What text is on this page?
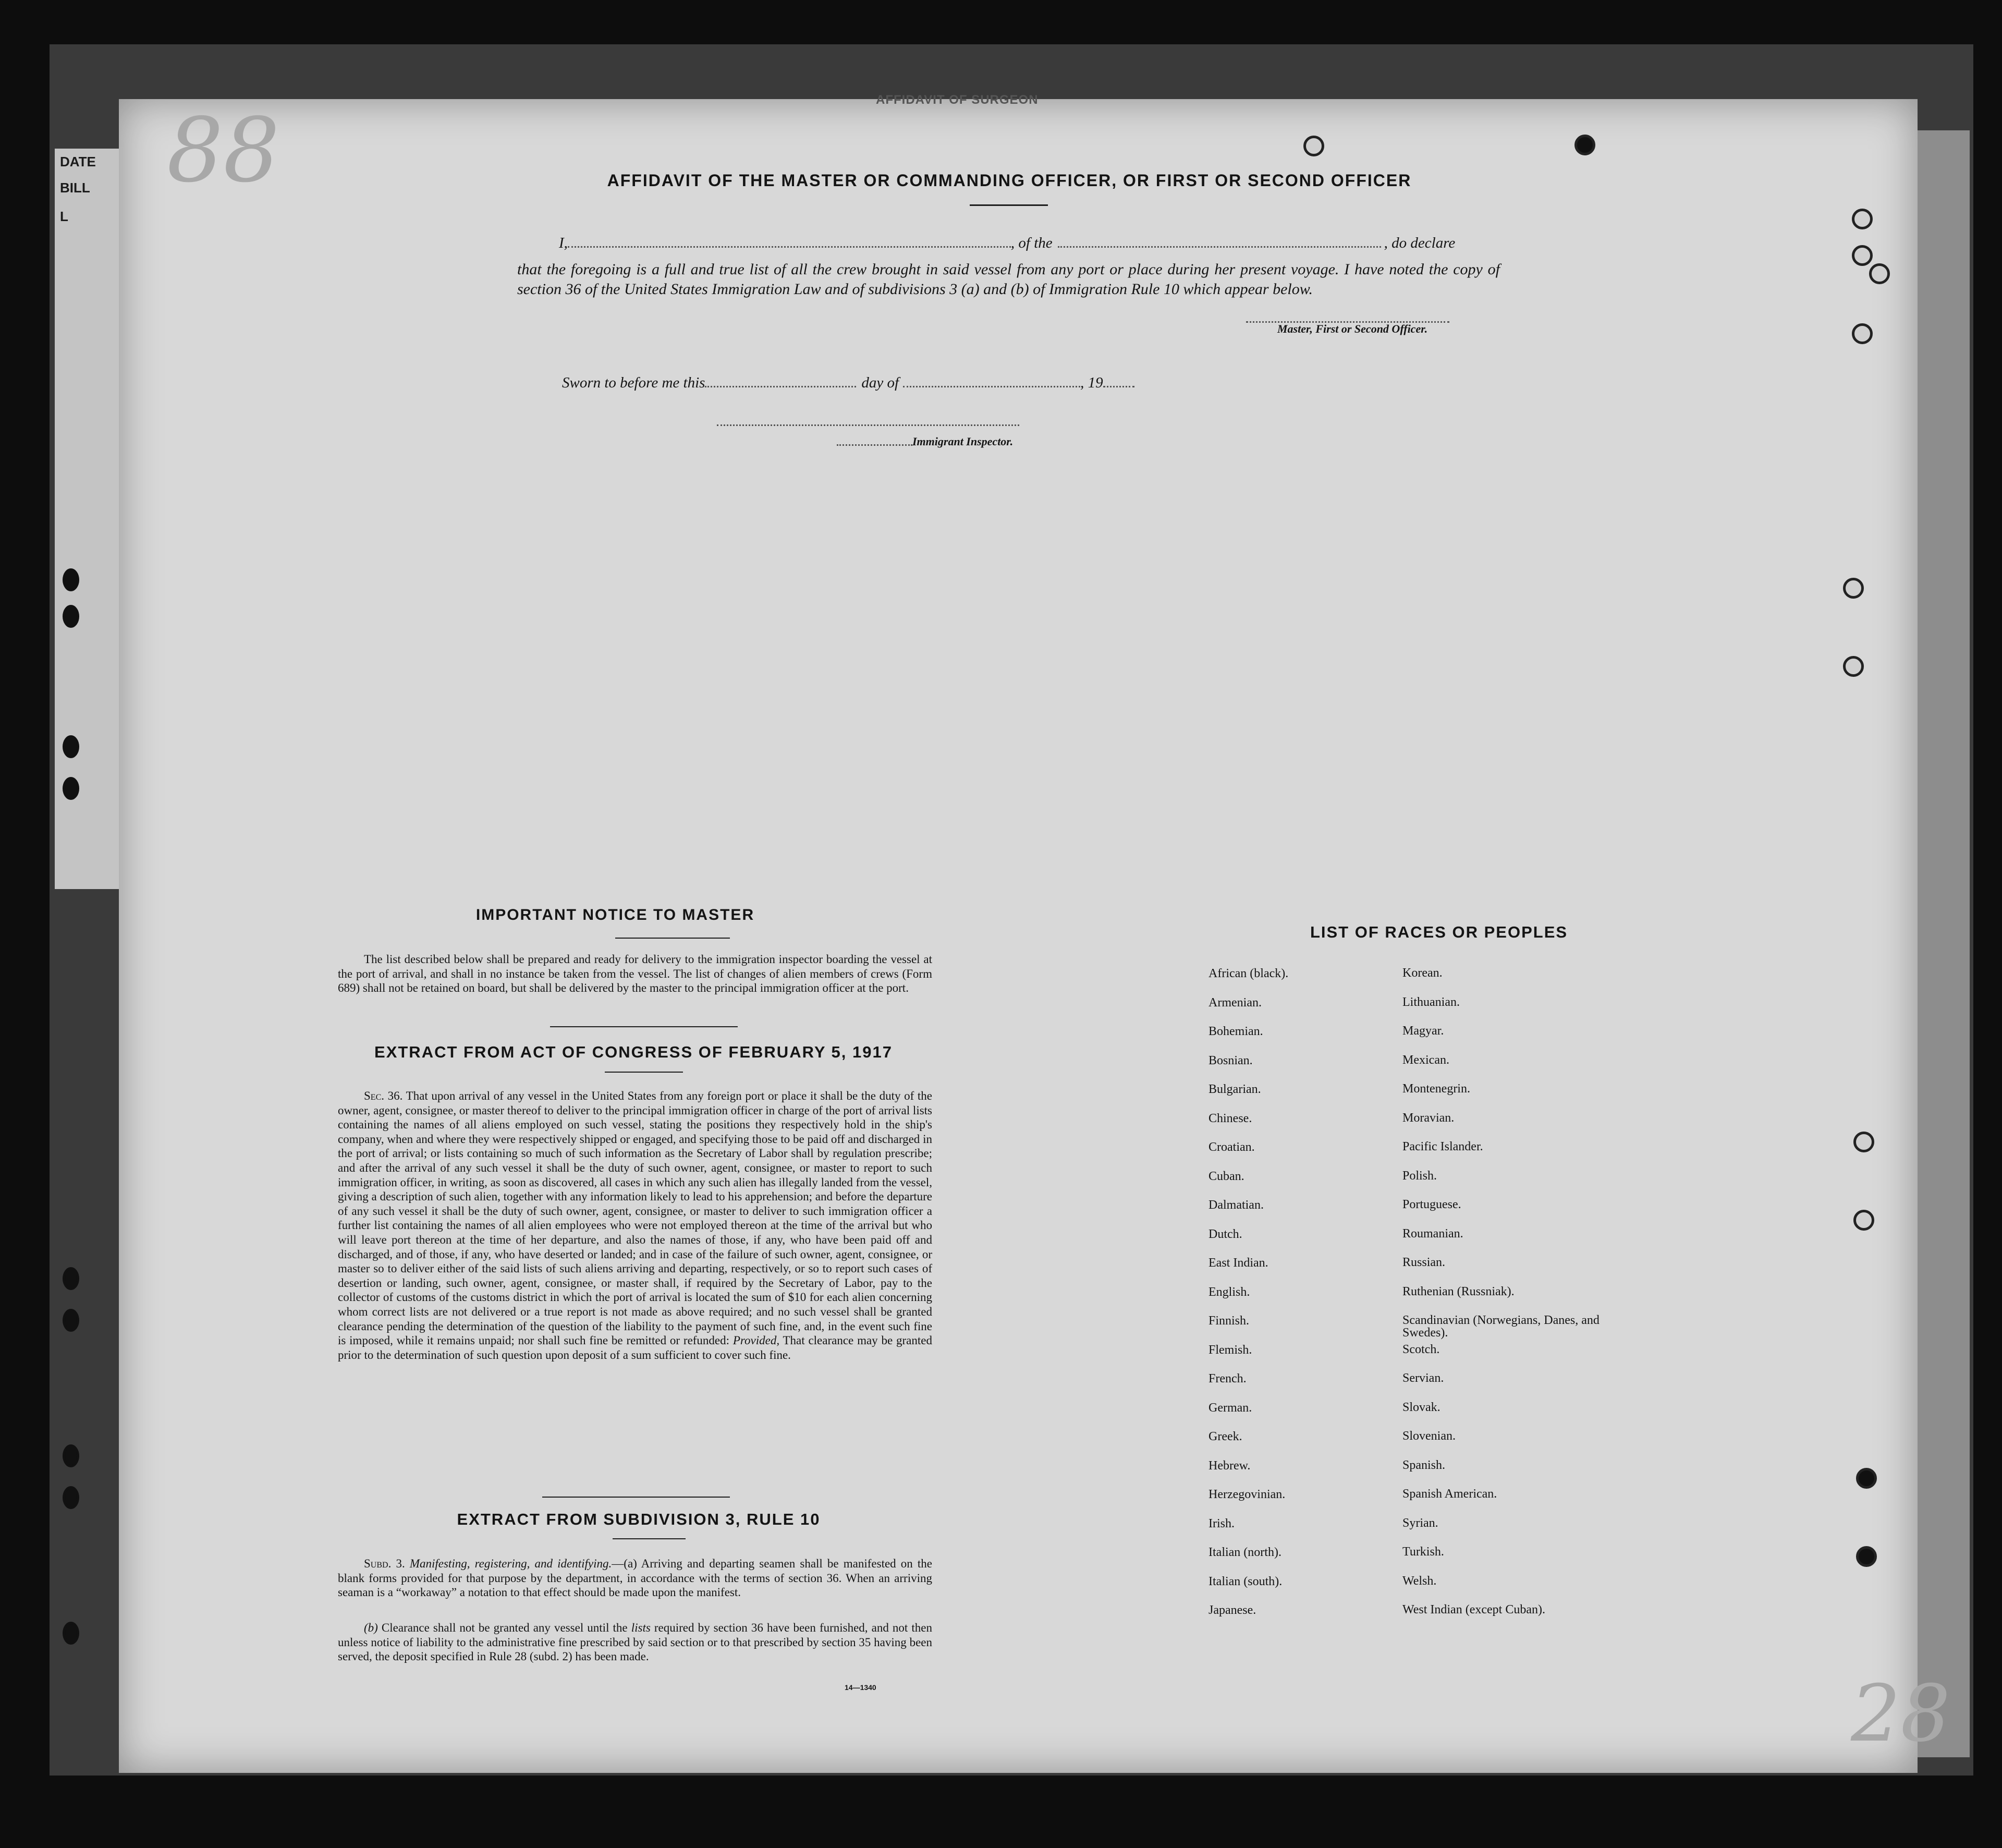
DATE
BILL
L
AFFIDAVIT OF SURGEON
88
28
AFFIDAVIT OF THE MASTER OR COMMANDING OFFICER, OR FIRST OR SECOND OFFICER
I,	, of the	, do declare
that the foregoing is a full and true list of all the crew brought in said vessel from any port or place during her present voyage. I have noted the copy of section 36 of the United States Immigration Law and of subdivisions 3 (a) and (b) of Immigration Rule 10 which appear below.
Master, First or Second Officer.
Sworn to before me this	day of	, 19
Immigrant Inspector.
IMPORTANT NOTICE TO MASTER
The list described below shall be prepared and ready for delivery to the immigration inspector boarding the vessel at the port of arrival, and shall in no instance be taken from the vessel. The list of changes of alien members of crews (Form 689) shall not be retained on board, but shall be delivered by the master to the principal immigration officer at the port.
EXTRACT FROM ACT OF CONGRESS OF FEBRUARY 5, 1917
Sec. 36. That upon arrival of any vessel in the United States from any foreign port or place it shall be the duty of the owner, agent, consignee, or master thereof to deliver to the principal immigration officer in charge of the port of arrival lists containing the names of all aliens employed on such vessel, stating the positions they respectively hold in the ship's company, when and where they were respectively shipped or engaged, and specifying those to be paid off and discharged in the port of arrival; or lists containing so much of such information as the Secretary of Labor shall by regulation prescribe; and after the arrival of any such vessel it shall be the duty of such owner, agent, consignee, or master to report to such immigration officer, in writing, as soon as discovered, all cases in which any such alien has illegally landed from the vessel, giving a description of such alien, together with any information likely to lead to his apprehension; and before the departure of any such vessel it shall be the duty of such owner, agent, consignee, or master to deliver to such immigration officer a further list containing the names of all alien employees who were not employed thereon at the time of the arrival but who will leave port thereon at the time of her departure, and also the names of those, if any, who have been paid off and discharged, and of those, if any, who have deserted or landed; and in case of the failure of such owner, agent, consignee, or master so to deliver either of the said lists of such aliens arriving and departing, respectively, or so to report such cases of desertion or landing, such owner, agent, consignee, or master shall, if required by the Secretary of Labor, pay to the collector of customs of the customs district in which the port of arrival is located the sum of $10 for each alien concerning whom correct lists are not delivered or a true report is not made as above required; and no such vessel shall be granted clearance pending the determination of the question of the liability to the payment of such fine, and, in the event such fine is imposed, while it remains unpaid; nor shall such fine be remitted or refunded: Provided, That clearance may be granted prior to the determination of such question upon deposit of a sum sufficient to cover such fine.
EXTRACT FROM SUBDIVISION 3, RULE 10
Subd. 3. Manifesting, registering, and identifying.—(a) Arriving and departing seamen shall be manifested on the blank forms provided for that purpose by the department, in accordance with the terms of section 36. When an arriving seaman is a “workaway” a notation to that effect should be made upon the manifest.
(b) Clearance shall not be granted any vessel until the lists required by section 36 have been furnished, and not then unless notice of liability to the administrative fine prescribed by said section or to that prescribed by section 35 having been served, the deposit specified in Rule 28 (subd. 2) has been made.
14—1340
LIST OF RACES OR PEOPLES
African (black).	Korean.
Armenian.	Lithuanian.
Bohemian.	Magyar.
Bosnian.	Mexican.
Bulgarian.	Montenegrin.
Chinese.	Moravian.
Croatian.	Pacific Islander.
Cuban.	Polish.
Dalmatian.	Portuguese.
Dutch.	Roumanian.
East Indian.	Russian.
English.	Ruthenian (Russniak).
Finnish.	Scandinavian (Norwegians, Danes, and Swedes).
Flemish.	Scotch.
French.	Servian.
German.	Slovak.
Greek.	Slovenian.
Hebrew.	Spanish.
Herzegovinian.	Spanish American.
Irish.	Syrian.
Italian (north).	Turkish.
Italian (south).	Welsh.
Japanese.	West Indian (except Cuban).
